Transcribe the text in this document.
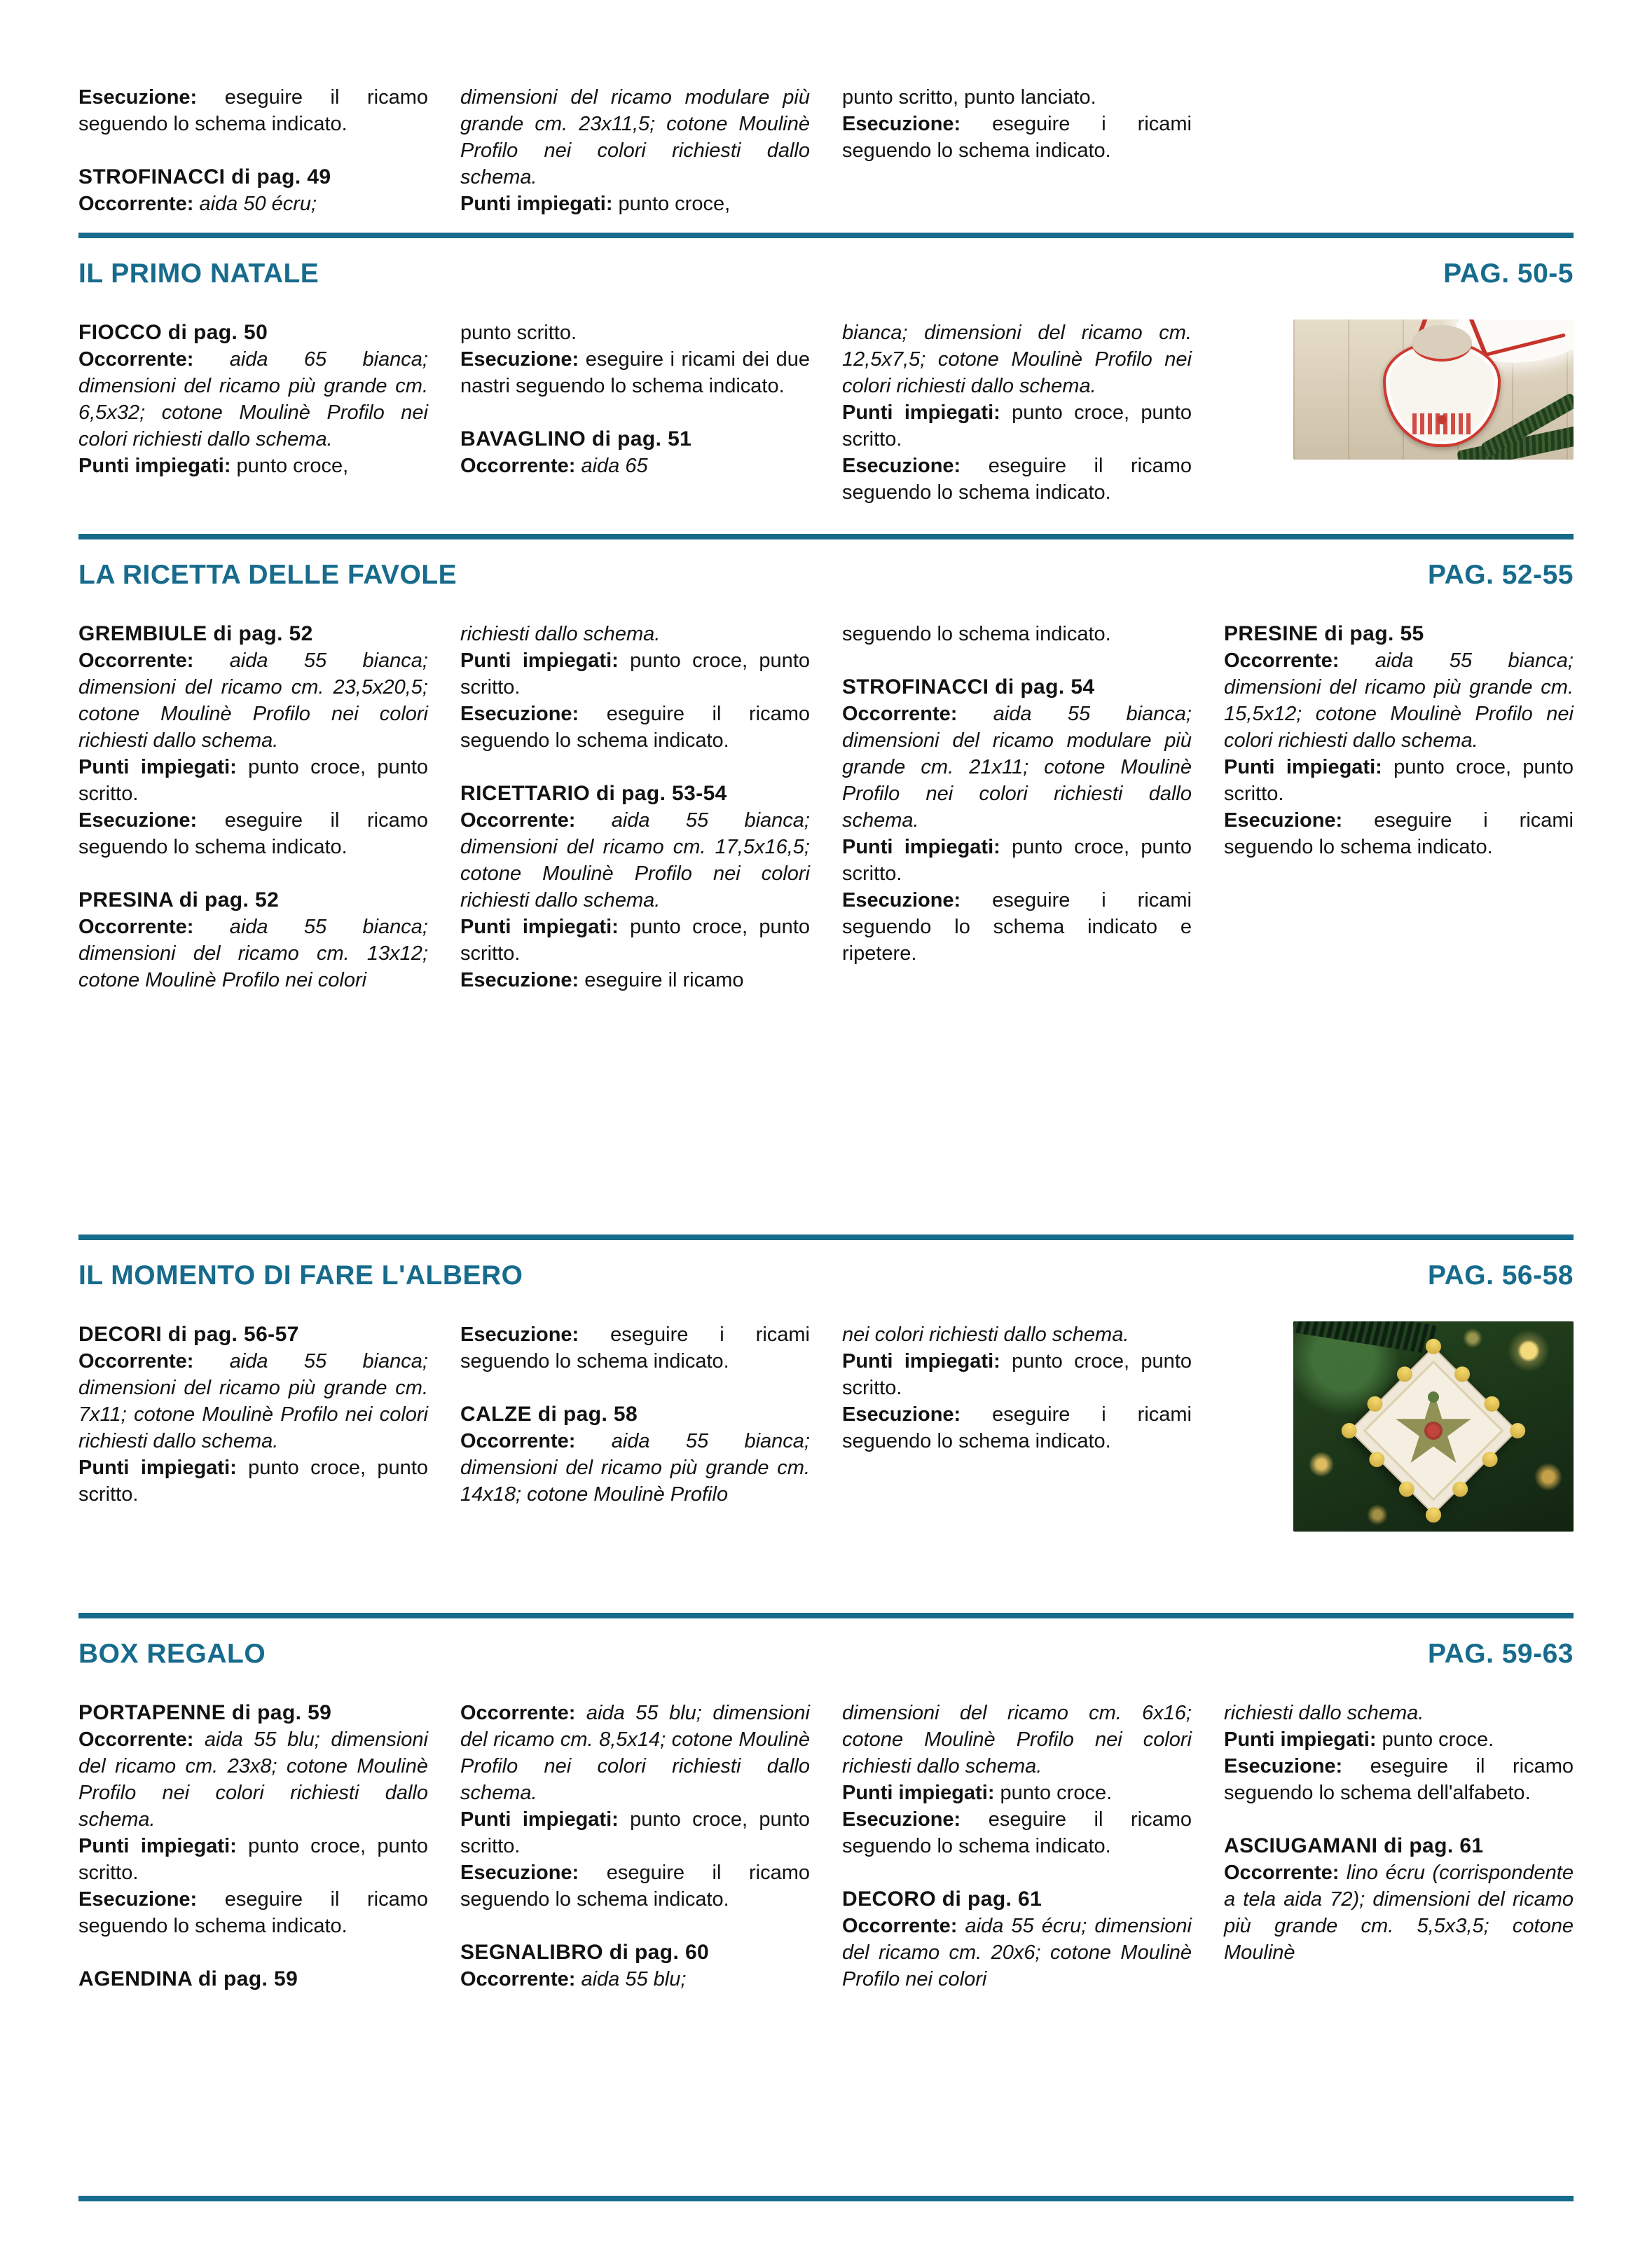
Esecuzione: eseguire il ricamo seguendo lo schema indicato.

STROFINACCI di pag. 49

Occorrente: aida 50 écru;

dimensioni del ricamo modulare più grande cm. 23x11,5; cotone Moulinè Profilo nei colori richiesti dallo schema.

Punti impiegati: punto croce,

punto scritto, punto lanciato.

Esecuzione: eseguire i ricami seguendo lo schema indicato.

IL PRIMO NATALE	PAG. 50-5
FIOCCO di pag. 50

Occorrente: aida 65 bianca; dimensioni del ricamo più grande cm. 6,5x32; cotone Moulinè Profilo nei colori richiesti dallo schema.

Punti impiegati: punto croce,

punto scritto.

Esecuzione: eseguire i ricami dei due nastri seguendo lo schema indicato.

BAVAGLINO di pag. 51

Occorrente: aida 65

bianca; dimensioni del ricamo cm. 12,5x7,5; cotone Moulinè Profilo nei colori richiesti dallo schema.

Punti impiegati: punto croce, punto scritto.

Esecuzione: eseguire il ricamo seguendo lo schema indicato.

LA RICETTA DELLE FAVOLE	PAG. 52-55
GREMBIULE di pag. 52

Occorrente: aida 55 bianca; dimensioni del ricamo cm. 23,5x20,5; cotone Moulinè Profilo nei colori richiesti dallo schema.

Punti impiegati: punto croce, punto scritto.

Esecuzione: eseguire il ricamo seguendo lo schema indicato.

PRESINA di pag. 52

Occorrente: aida 55 bianca; dimensioni del ricamo cm. 13x12; cotone Moulinè Profilo nei colori

richiesti dallo schema.

Punti impiegati: punto croce, punto scritto.

Esecuzione: eseguire il ricamo seguendo lo schema indicato.

RICETTARIO di pag. 53-54

Occorrente: aida 55 bianca; dimensioni del ricamo cm. 17,5x16,5; cotone Moulinè Profilo nei colori richiesti dallo schema.

Punti impiegati: punto croce, punto scritto.

Esecuzione: eseguire il ricamo

seguendo lo schema indicato.

STROFINACCI di pag. 54

Occorrente: aida 55 bianca; dimensioni del ricamo modulare più grande cm. 21x11; cotone Moulinè Profilo nei colori richiesti dallo schema.

Punti impiegati: punto croce, punto scritto.

Esecuzione: eseguire i ricami seguendo lo schema indicato e ripetere.

PRESINE di pag. 55

Occorrente: aida 55 bianca; dimensioni del ricamo più grande cm. 15,5x12; cotone Moulinè Profilo nei colori richiesti dallo schema.

Punti impiegati: punto croce, punto scritto.

Esecuzione: eseguire i ricami seguendo lo schema indicato.

IL MOMENTO DI FARE L'ALBERO	PAG. 56-58
DECORI di pag. 56-57

Occorrente: aida 55 bianca; dimensioni del ricamo più grande cm. 7x11; cotone Moulinè Profilo nei colori richiesti dallo schema.

Punti impiegati: punto croce, punto scritto.

Esecuzione: eseguire i ricami seguendo lo schema indicato.

CALZE di pag. 58

Occorrente: aida 55 bianca; dimensioni del ricamo più grande cm. 14x18; cotone Moulinè Profilo

nei colori richiesti dallo schema.

Punti impiegati: punto croce, punto scritto.

Esecuzione: eseguire i ricami seguendo lo schema indicato.

BOX REGALO	PAG. 59-63
PORTAPENNE di pag. 59

Occorrente: aida 55 blu; dimensioni del ricamo cm. 23x8; cotone Moulinè Profilo nei colori richiesti dallo schema.

Punti impiegati: punto croce, punto scritto.

Esecuzione: eseguire il ricamo seguendo lo schema indicato.

AGENDINA di pag. 59

Occorrente: aida 55 blu; dimensioni del ricamo cm. 8,5x14; cotone Moulinè Profilo nei colori richiesti dallo schema.

Punti impiegati: punto croce, punto scritto.

Esecuzione: eseguire il ricamo seguendo lo schema indicato.

SEGNALIBRO di pag. 60

Occorrente: aida 55 blu;

dimensioni del ricamo cm. 6x16; cotone Moulinè Profilo nei colori richiesti dallo schema.

Punti impiegati: punto croce.

Esecuzione: eseguire il ricamo seguendo lo schema indicato.

DECORO di pag. 61

Occorrente: aida 55 écru; dimensioni del ricamo cm. 20x6; cotone Moulinè Profilo nei colori

richiesti dallo schema.

Punti impiegati: punto croce.

Esecuzione: eseguire il ricamo seguendo lo schema dell'alfabeto.

ASCIUGAMANI di pag. 61

Occorrente: lino écru (corrispondente a tela aida 72); dimensioni del ricamo più grande cm. 5,5x3,5; cotone Moulinè
